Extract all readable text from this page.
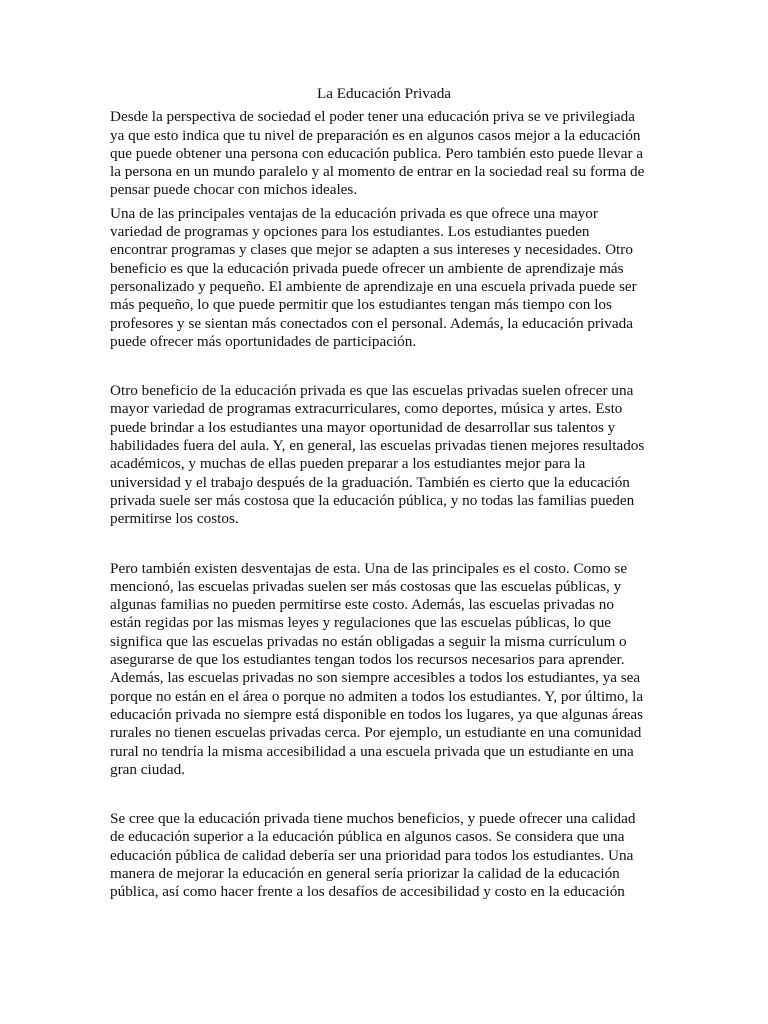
La Educación Privada

Desde la perspectiva de sociedad el poder tener una educación priva se ve privilegiada
ya que esto indica que tu nivel de preparación es en algunos casos mejor a la educación
que puede obtener una persona con educación publica. Pero también esto puede llevar a
la persona en un mundo paralelo y al momento de entrar en la sociedad real su forma de
pensar puede chocar con michos ideales.

Una de las principales ventajas de la educación privada es que ofrece una mayor
variedad de programas y opciones para los estudiantes. Los estudiantes pueden
encontrar programas y clases que mejor se adapten a sus intereses y necesidades. Otro
beneficio es que la educación privada puede ofrecer un ambiente de aprendizaje más
personalizado y pequeño. El ambiente de aprendizaje en una escuela privada puede ser
más pequeño, lo que puede permitir que los estudiantes tengan más tiempo con los
profesores y se sientan más conectados con el personal. Además, la educación privada
puede ofrecer más oportunidades de participación.

Otro beneficio de la educación privada es que las escuelas privadas suelen ofrecer una
mayor variedad de programas extracurriculares, como deportes, música y artes. Esto
puede brindar a los estudiantes una mayor oportunidad de desarrollar sus talentos y
habilidades fuera del aula. Y, en general, las escuelas privadas tienen mejores resultados
académicos, y muchas de ellas pueden preparar a los estudiantes mejor para la
universidad y el trabajo después de la graduación. También es cierto que la educación
privada suele ser más costosa que la educación pública, y no todas las familias pueden
permitirse los costos.

Pero también existen desventajas de esta. Una de las principales es el costo. Como se
mencionó, las escuelas privadas suelen ser más costosas que las escuelas públicas, y
algunas familias no pueden permitirse este costo. Además, las escuelas privadas no
están regidas por las mismas leyes y regulaciones que las escuelas públicas, lo que
significa que las escuelas privadas no están obligadas a seguir la misma currículum o
asegurarse de que los estudiantes tengan todos los recursos necesarios para aprender.
Además, las escuelas privadas no son siempre accesibles a todos los estudiantes, ya sea
porque no están en el área o porque no admiten a todos los estudiantes. Y, por último, la
educación privada no siempre está disponible en todos los lugares, ya que algunas áreas
rurales no tienen escuelas privadas cerca. Por ejemplo, un estudiante en una comunidad
rural no tendría la misma accesibilidad a una escuela privada que un estudiante en una
gran ciudad.

Se cree que la educación privada tiene muchos beneficios, y puede ofrecer una calidad
de educación superior a la educación pública en algunos casos. Se considera que una
educación pública de calidad debería ser una prioridad para todos los estudiantes. Una
manera de mejorar la educación en general sería priorizar la calidad de la educación
pública, así como hacer frente a los desafíos de accesibilidad y costo en la educación
